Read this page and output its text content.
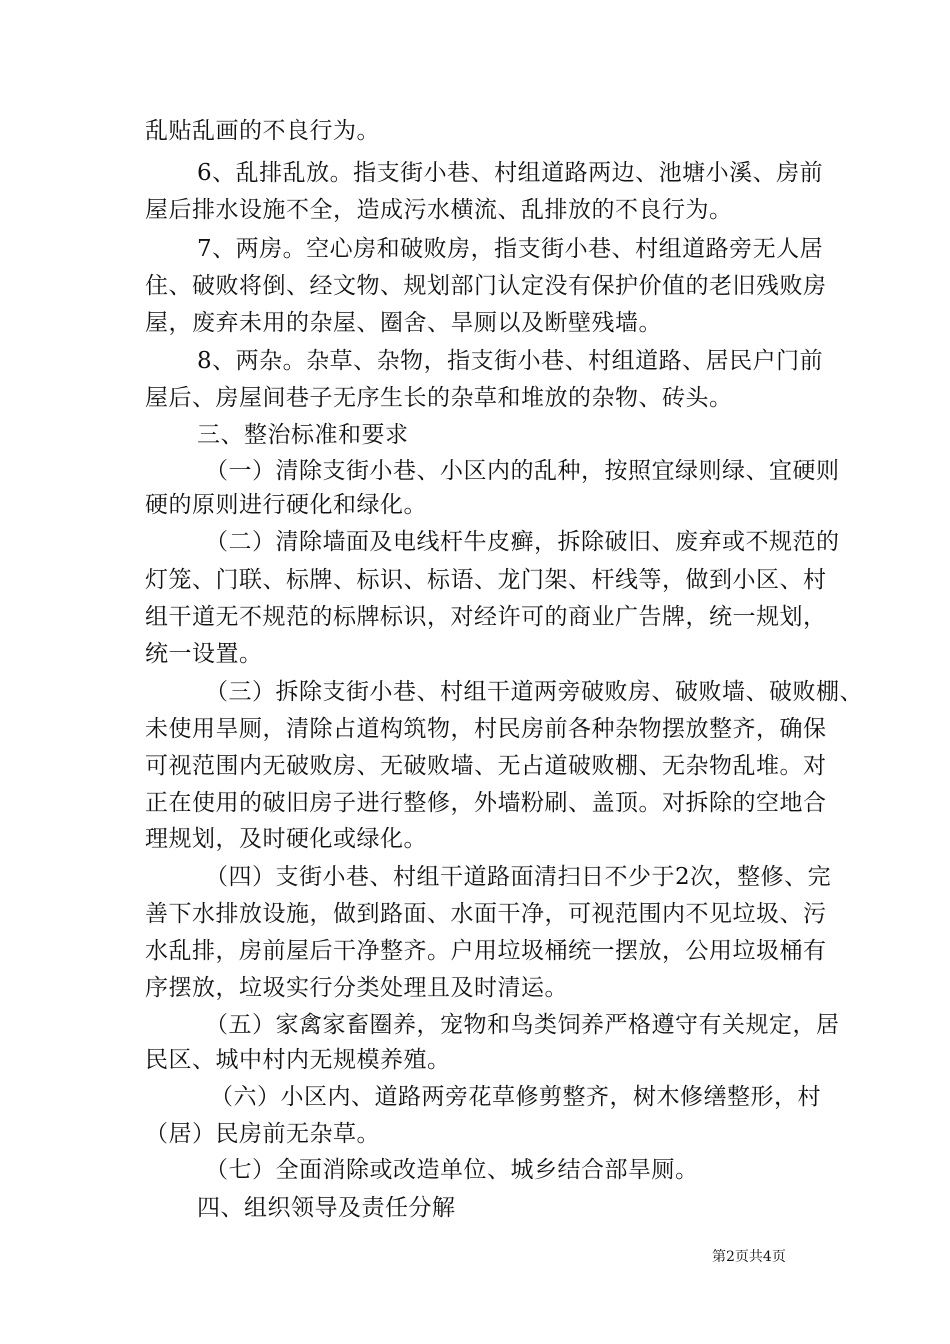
乱贴乱画的不良行为。
6、乱排乱放。指支街小巷、村组道路两边、池塘小溪、房前
屋后排水设施不全，造成污水横流、乱排放的不良行为。
7、两房。空心房和破败房，指支街小巷、村组道路旁无人居
住、破败将倒、经文物、规划部门认定没有保护价值的老旧残败房
屋，废弃未用的杂屋、圈舍、旱厕以及断壁残墙。
8、两杂。杂草、杂物，指支街小巷、村组道路、居民户门前
屋后、房屋间巷子无序生长的杂草和堆放的杂物、砖头。
三、整治标准和要求
（一）清除支街小巷、小区内的乱种，按照宜绿则绿、宜硬则
硬的原则进行硬化和绿化。
（二）清除墙面及电线杆牛皮癣，拆除破旧、废弃或不规范的
灯笼、门联、标牌、标识、标语、龙门架、杆线等，做到小区、村
组干道无不规范的标牌标识，对经许可的商业广告牌，统一规划，
统一设置。
（三）拆除支街小巷、村组干道两旁破败房、破败墙、破败棚、
未使用旱厕，清除占道构筑物，村民房前各种杂物摆放整齐，确保
可视范围内无破败房、无破败墙、无占道破败棚、无杂物乱堆。对
正在使用的破旧房子进行整修，外墙粉刷、盖顶。对拆除的空地合
理规划，及时硬化或绿化。
（四）支街小巷、村组干道路面清扫日不少于2次，整修、完
善下水排放设施，做到路面、水面干净，可视范围内不见垃圾、污
水乱排，房前屋后干净整齐。户用垃圾桶统一摆放，公用垃圾桶有
序摆放，垃圾实行分类处理且及时清运。
（五）家禽家畜圈养，宠物和鸟类饲养严格遵守有关规定，居
民区、城中村内无规模养殖。
（六）小区内、道路两旁花草修剪整齐，树木修缮整形，村
（居）民房前无杂草。
（七）全面消除或改造单位、城乡结合部旱厕。
四、组织领导及责任分解
第2页共4页
